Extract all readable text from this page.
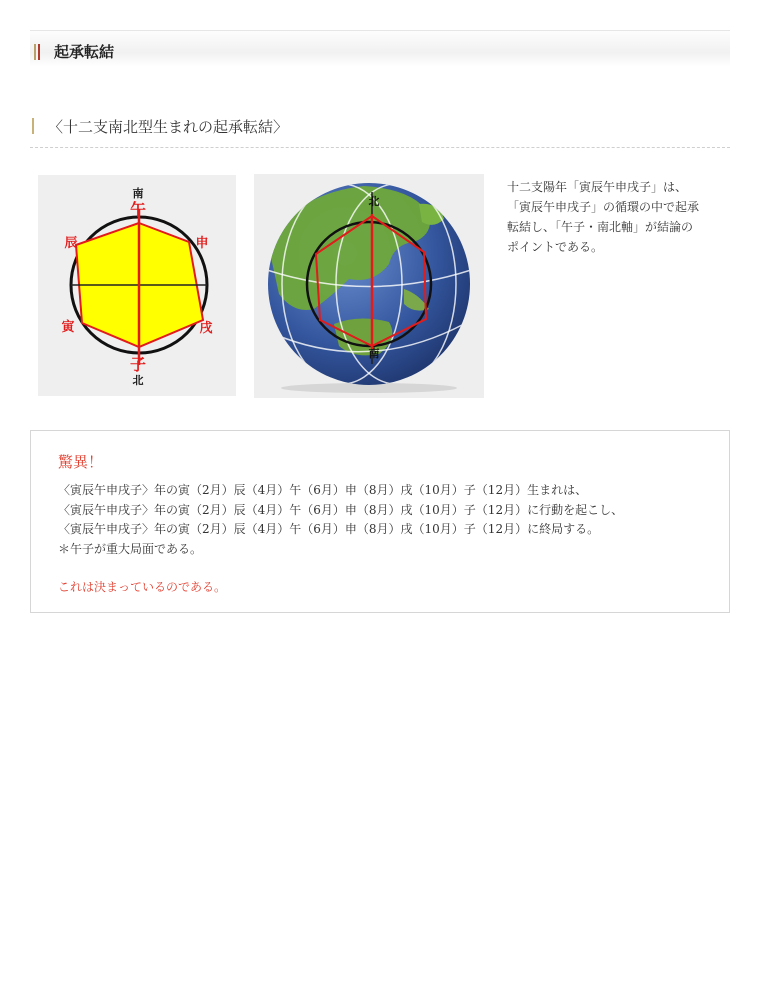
起承転結
〈十二支南北型生まれの起承転結〉
南
午
辰	申
寅	戌
子
北
北
南

十二支陽年「寅辰午申戌子」は、

「寅辰午申戌子」の循環の中で起承

転結し、「午子・南北軸」が結論の

ポイントである。

驚異！
〈寅辰午申戌子〉年の寅（2月）辰（4月）午（6月）申（8月）戌（10月）子（12月）生まれは、
〈寅辰午申戌子〉年の寅（2月）辰（4月）午（6月）申（8月）戌（10月）子（12月）に行動を起こし、
〈寅辰午申戌子〉年の寅（2月）辰（4月）午（6月）申（8月）戌（10月）子（12月）に終局する。
＊午子が重大局面である。
これは決まっているのである。
